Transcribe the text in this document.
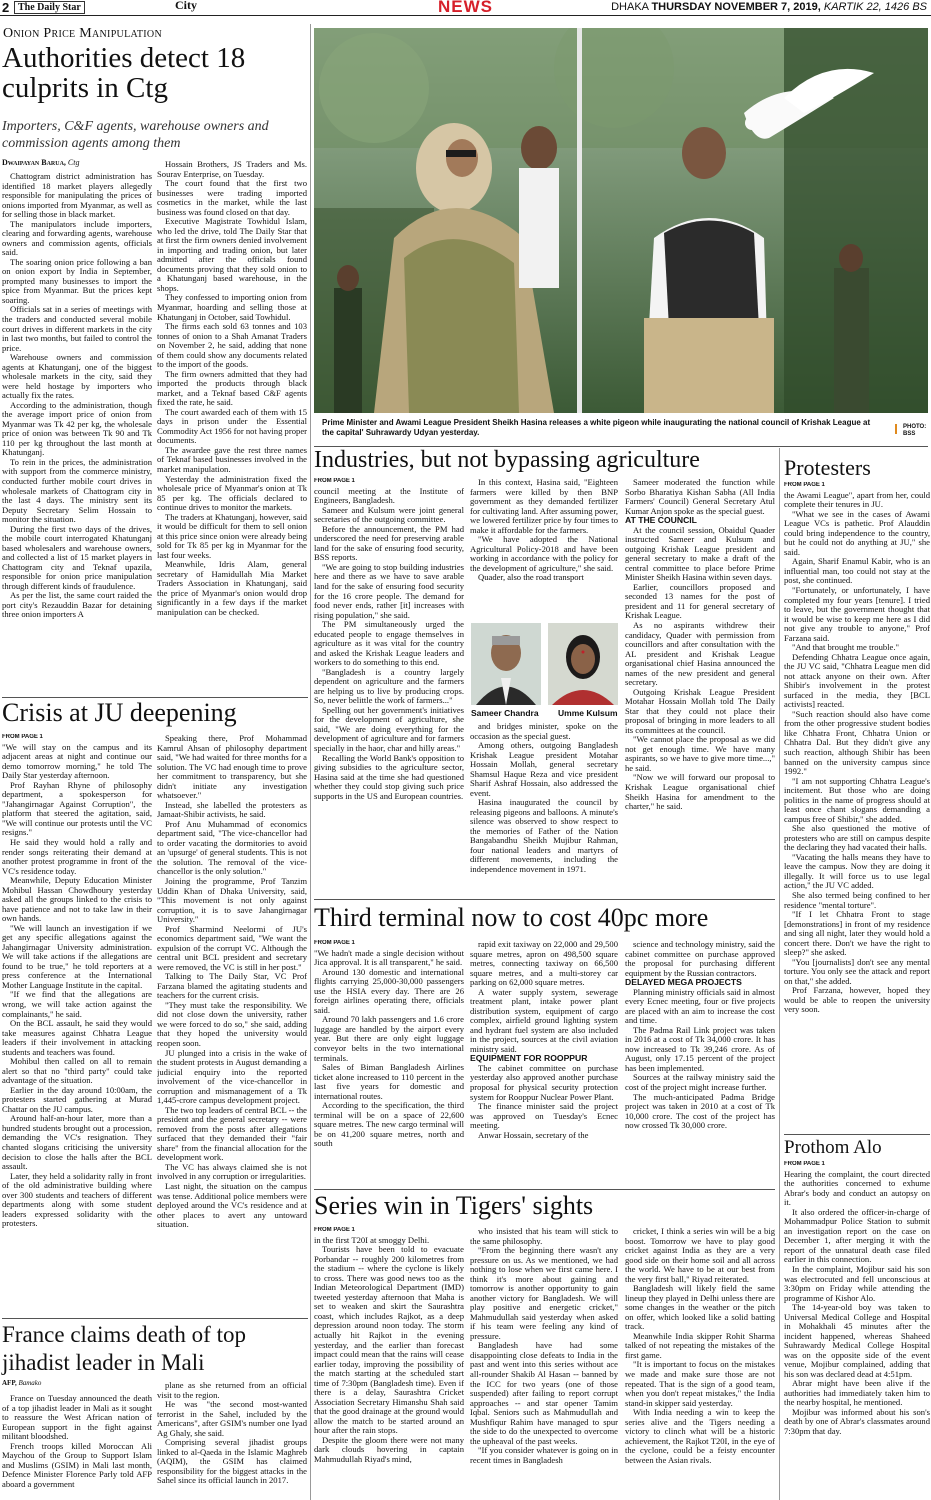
2 The Daily Star	City	NEWS	DHAKA THURSDAY NOVEMBER 7, 2019, KARTIK 22, 1426 BS
Onion Price Manipulation
Authorities detect 18 culprits in Ctg
Importers, C&F agents, warehouse owners and commission agents among them
Dwaipayan Barua, Ctg

Chattogram district administration has identified 18 market players allegedly responsible for manipulating the prices of onions imported from Myanmar, as well as for selling those in black market.

The manipulators include importers, clearing and forwarding agents, warehouse owners and commission agents, officials said.

The soaring onion price following a ban on onion export by India in September, prompted many businesses to import the spice from Myanmar. But the prices kept soaring.

Officials sat in a series of meetings with the traders and conducted several mobile court drives in different markets in the city in last two months, but failed to control the price.

Warehouse owners and commission agents at Khatunganj, one of the biggest wholesale markets in the city, said they were held hostage by importers who actually fix the rates.

According to the administration, though the average import price of onion from Myanmar was Tk 42 per kg, the wholesale price of onion was between Tk 90 and Tk 110 per kg throughout the last month at Khatunganj.

To rein in the prices, the administration with support from the commerce ministry, conducted further mobile court drives in wholesale markets of Chattogram city in the last 4 days. The ministry sent its Deputy Secretary Selim Hossain to monitor the situation.

During the first two days of the drives, the mobile court interrogated Khatunganj based wholesalers and warehouse owners, and collected a list of 15 market players in Chattogram city and Teknaf upazila, responsible for onion price manipulation through different kinds of fraudulence.

As per the list, the same court raided the port city's Rezauddin Bazar for detaining three onion importers A

Hossain Brothers, JS Traders and Ms. Sourav Enterprise, on Tuesday.

The court found that the first two businesses were trading imported cosmetics in the market, while the last business was found closed on that day.

Executive Magistrate Towhidul Islam, who led the drive, told The Daily Star that at first the firm owners denied involvement in importing and trading onion, but later admitted after the officials found documents proving that they sold onion to a Khatunganj based warehouse, in the shops.

They confessed to importing onion from Myanmar, hoarding and selling those at Khatunganj in October, said Towhidul.

The firms each sold 63 tonnes and 103 tonnes of onion to a Shah Amanat Traders on November 2, he said, adding that none of them could show any documents related to the import of the goods.

The firm owners admitted that they had imported the products through black market, and a Teknaf based C&F agents fixed the rate, he said.

The court awarded each of them with 15 days in prison under the Essential Commodity Act 1956 for not having proper documents.

The awardee gave the rest three names of Teknaf based businesses involved in the market manipulation.

Yesterday the administration fixed the wholesale price of Myanmar's onion at Tk 85 per kg. The officials declared to continue drives to monitor the markets.

The traders at Khatunganj, however, said it would be difficult for them to sell onion at this price since onion were already being sold for Tk 85 per kg in Myanmar for the last four weeks.

Meanwhile, Idris Alam, general secretary of Hamidullah Mia Market Traders Association in Khatunganj, said the price of Myanmar's onion would drop significantly in a few days if the market manipulation can be checked.

Crisis at JU deepening
FROM PAGE 1

"We will stay on the campus and its adjacent areas at night and continue our demo tomorrow morning," he told The Daily Star yesterday afternoon.

Prof Rayhan Rhyne of philosophy department, a spokesperson for "Jahangirnagar Against Corruption", the platform that steered the agitation, said, "We will continue our protests until the VC resigns."

He said they would hold a rally and render songs reiterating their demand at another protest programme in front of the VC's residence today.

Meanwhile, Deputy Education Minister Mohibul Hassan Chowdhoury yesterday asked all the groups linked to the crisis to have patience and not to take law in their own hands.

"We will launch an investigation if we get any specific allegations against the Jahangirnagar University administration. We will take actions if the allegations are found to be true," he told reporters at a press conference at the International Mother Language Institute in the capital.

"If we find that the allegations are wrong, we will take action against the complainants," he said.

On the BCL assault, he said they would take measures against Chhatra League leaders if their involvement in attacking students and teachers was found.

Mohibul then called on all to remain alert so that no "third party" could take advantage of the situation.

Earlier in the day around 10:00am, the protesters started gathering at Murad Chattar on the JU campus.

Around half-an-hour later, more than a hundred students brought out a procession, demanding the VC's resignation. They chanted slogans criticising the university decision to close the halls after the BCL assault.

Later, they held a solidarity rally in front of the old administrative building where over 300 students and teachers of different departments along with some student leaders expressed solidarity with the protesters.

Speaking there, Prof Mohammad Kamrul Ahsan of philosophy department said, "We had waited for three months for a solution. The VC had enough time to prove her commitment to transparency, but she didn't initiate any investigation whatsoever."

Instead, she labelled the protesters as Jamaat-Shibir activists, he said.

Prof Anu Muhammad of economics department said, "The vice-chancellor had to order vacating the dormitories to avoid an 'upsurge' of general students. This is not the solution. The removal of the vice-chancellor is the only solution."

Joining the programme, Prof Tanzim Uddin Khan of Dhaka University, said, "This movement is not only against corruption, it is to save Jahangirnagar University."

Prof Sharmind Neelormi of JU's economics department said, "We want the expulsion of the corrupt VC. Although the central unit BCL president and secretary were removed, the VC is still in her post."

Talking to The Daily Star, VC Prof Farzana blamed the agitating students and teachers for the current crisis.

"They must take the responsibility. We did not close down the university, rather we were forced to do so," she said, adding that they hoped the university would reopen soon.

JU plunged into a crisis in the wake of the student protests in August demanding a judicial enquiry into the reported involvement of the vice-chancellor in corruption and mismanagement of a Tk 1,445-crore campus development project.

The two top leaders of central BCL -- the president and the general secretary -- were removed from the posts after allegations surfaced that they demanded their "fair share" from the financial allocation for the development work.

The VC has always claimed she is not involved in any corruption or irregularities.

Last night, the situation on the campus was tense. Additional police members were deployed around the VC's residence and at other places to avert any untoward situation.

France claims death of top jihadist leader in Mali
AFP, Bamako

France on Tuesday announced the death of a top jihadist leader in Mali as it sought to reassure the West African nation of European support in the fight against militant bloodshed.

French troops killed Moroccan Ali Maychou of the Group to Support Islam and Muslims (GSIM) in Mali last month, Defence Minister Florence Parly told AFP aboard a government

plane as she returned from an official visit to the region.

He was "the second most-wanted terrorist in the Sahel, included by the Americans", after GSIM's number one Iyad Ag Ghaly, she said.

Comprising several jihadist groups linked to al-Qaeda in the Islamic Maghreb (AQIM), the GSIM has claimed responsibility for the biggest attacks in the Sahel since its official launch in 2017.

Prime Minister and Awami League President Sheikh Hasina releases a white pigeon while inaugurating the national council of Krishak League at the capital' Suhrawardy Udyan yesterday.
PHOTO:
BSS
Industries, but not bypassing agriculture
FROM PAGE 1

council meeting at the Institute of Engineers, Bangladesh.

Sameer and Kulsum were joint general secretaries of the outgoing committee.

Before the announcement, the PM had underscored the need for preserving arable land for the sake of ensuring food security, BSS reports.

"We are going to stop building industries here and there as we have to save arable land for the sake of ensuring food security for the 16 crore people. The demand for food never ends, rather [it] increases with rising population," she said.

The PM simultaneously urged the educated people to engage themselves in agriculture as it was vital for the country and asked the Krishak League leaders and workers to do something to this end.

"Bangladesh is a country largely dependent on agriculture and the farmers are helping us to live by producing crops. So, never belittle the work of farmers..."

Spelling out her government's initiatives for the development of agriculture, she said, "We are doing everything for the development of agriculture and for farmers specially in the haor, char and hilly areas."

Recalling the World Bank's opposition to giving subsidies to the agriculture sector, Hasina said at the time she had questioned whether they could stop giving such price supports in the US and European countries.

In this context, Hasina said, "Eighteen farmers were killed by then BNP government as they demanded fertilizer for cultivating land. After assuming power, we lowered fertilizer price by four times to make it affordable for the farmers.

"We have adopted the National Agricultural Policy-2018 and have been working in accordance with the policy for the development of agriculture," she said.

Quader, also the road transport

Sameer Chandra Umme Kulsum

and bridges minister, spoke on the occasion as the special guest.

Among others, outgoing Bangladesh Krishak League president Motahar Hossain Mollah, general secretary Shamsul Haque Reza and vice president Sharif Ashraf Hossain, also addressed the event.

Hasina inaugurated the council by releasing pigeons and balloons. A minute's silence was observed to show respect to the memories of Father of the Nation Bangabandhu Sheikh Mujibur Rahman, four national leaders and martyrs of different movements, including the independence movement in 1971.

Sameer moderated the function while Sorbo Bharatiya Kishan Sabha (All India Farmers' Council) General Secretary Atul Kumar Anjon spoke as the special guest.

AT THE COUNCIL

At the council session, Obaidul Quader instructed Sameer and Kulsum and outgoing Krishak League president and general secretary to make a draft of the central committee to place before Prime Minister Sheikh Hasina within seven days.

Earlier, councillors proposed and seconded 13 names for the post of president and 11 for general secretary of Krishak League.

As no aspirants withdrew their candidacy, Quader with permission from councillors and after consultation with the AL president and Krishak League organisational chief Hasina announced the names of the new president and general secretary.

Outgoing Krishak League President Motahar Hossain Mollah told The Daily Star that they could not place their proposal of bringing in more leaders to all its committees at the council.

"We cannot place the proposal as we did not get enough time. We have many aspirants, so we have to give more time...," he said.

"Now we will forward our proposal to Krishak League organisational chief Sheikh Hasina for amendment to the charter," he said.

Third terminal now to cost 40pc more
FROM PAGE 1

"We hadn't made a single decision without Jica approval. It is all transparent," he said.

Around 130 domestic and international flights carrying 25,000-30,000 passengers use the HSIA every day. There are 26 foreign airlines operating there, officials said.

Around 70 lakh passengers and 1.6 crore luggage are handled by the airport every year. But there are only eight luggage conveyor belts in the two international terminals.

Sales of Biman Bangladesh Airlines ticket alone increased to 110 percent in the last five years for domestic and international routes.

According to the specification, the third terminal will be on a space of 22,600 square metres. The new cargo terminal will be on 41,200 square metres, north and south

rapid exit taxiway on 22,000 and 29,500 square metres, apron on 498,500 square metres, connecting taxiway on 66,500 square metres, and a multi-storey car parking on 62,000 square metres.

A water supply system, sewerage treatment plant, intake power plant distribution system, equipment of cargo complex, airfield ground lighting system and hydrant fuel system are also included in the project, sources at the civil aviation ministry said.

EQUIPMENT FOR ROOPPUR

The cabinet committee on purchase yesterday also approved another purchase proposal for physical security protection system for Rooppur Nuclear Power Plant.

The finance minister said the project was approved on Tuesday's Ecnec meeting.

Anwar Hossain, secretary of the

science and technology ministry, said the cabinet committee on purchase approved the proposal for purchasing different equipment by the Russian contractors.

DELAYED MEGA PROJECTS

Planning ministry officials said in almost every Ecnec meeting, four or five projects are placed with an aim to increase the cost and time.

The Padma Rail Link project was taken in 2016 at a cost of Tk 34,000 crore. It has now increased to Tk 39,246 crore. As of August, only 17.15 percent of the project has been implemented.

Sources at the railway ministry said the cost of the project might increase further.

The much-anticipated Padma Bridge project was taken in 2010 at a cost of Tk 10,000 crore. The cost of the project has now crossed Tk 30,000 crore.

Series win in Tigers' sights
FROM PAGE 1

in the first T20I at smoggy Delhi.

Tourists have been told to evacuate Porbandar -- roughly 200 kilometres from the stadium -- where the cyclone is likely to cross. There was good news too as the Indian Meteorological Department (IMD) tweeted yesterday afternoon that Maha is set to weaken and skirt the Saurashtra coast, which includes Rajkot, as a deep depression around noon today. The storm actually hit Rajkot in the evening yesterday, and the earlier than forecast impact could mean that the rains will cease earlier today, improving the possibility of the match starting at the scheduled start time of 7:30pm (Bangladesh time). Even if there is a delay, Saurashtra Cricket Association Secretary Himanshu Shah said that the good drainage at the ground would allow the match to be started around an hour after the rain stops.

Despite the gloom there were not many dark clouds hovering in captain Mahmudullah Riyad's mind,

who insisted that his team will stick to the same philosophy.

"From the beginning there wasn't any pressure on us. As we mentioned, we had nothing to lose when we first came here. I think it's more about gaining and tomorrow is another opportunity to gain another victory for Bangladesh. We will play positive and energetic cricket," Mahmudullah said yesterday when asked if his team were feeling any kind of pressure.

Bangladesh have had some disappointing close defeats to India in the past and went into this series without ace all-rounder Shakib Al Hasan -- banned by the ICC for two years (one of those suspended) after failing to report corrupt approaches -- and star opener Tamim Iqbal. Seniors such as Mahmudullah and Mushfiqur Rahim have managed to spur the side to do the unexpected to overcome the upheaval of the past weeks.

"If you consider whatever is going on in recent times in Bangladesh

cricket, I think a series win will be a big boost. Tomorrow we have to play good cricket against India as they are a very good side on their home soil and all across the world. We have to be at our best from the very first ball," Riyad reiterated.

Bangladesh will likely field the same lineup they played in Delhi unless there are some changes in the weather or the pitch on offer, which looked like a solid batting track.

Meanwhile India skipper Rohit Sharma talked of not repeating the mistakes of the first game.

"It is important to focus on the mistakes we made and make sure those are not repeated. That is the sign of a good team, when you don't repeat mistakes," the India stand-in skipper said yesterday.

With India needing a win to keep the series alive and the Tigers needing a victory to clinch what will be a historic achievement, the Rajkot T20I, in the eye of the cyclone, could be a feisty encounter between the Asian rivals.

Protesters
FROM PAGE 1

the Awami League", apart from her, could complete their tenures in JU.

"What we see in the cases of Awami League VCs is pathetic. Prof Alauddin could bring independence to the country, but he could not do anything at JU," she said.

Again, Sharif Enamul Kabir, who is an influential man, too could not stay at the post, she continued.

"Fortunately, or unfortunately, I have completed my four years [tenure]. I tried to leave, but the government thought that it would be wise to keep me here as I did not give any trouble to anyone," Prof Farzana said.

"And that brought me trouble."

Defending Chhatra League once again, the JU VC said, "Chhatra League men did not attack anyone on their own. After Shibir's involvement in the protest surfaced in the media, they [BCL activists] reacted.

"Such reaction should also have come from the other progressive student bodies like Chhatra Front, Chhatra Union or Chhatra Dal. But they didn't give any such reaction, although Shibir has been banned on the university campus since 1992."

"I am not supporting Chhatra League's incitement. But those who are doing politics in the name of progress should at least once chant slogans demanding a campus free of Shibir," she added.

She also questioned the motive of protesters who are still on campus despite the declaring they had vacated their halls.

"Vacating the halls means they have to leave the campus. Now they are doing it illegally. It will force us to use legal action," the JU VC added.

She also termed being confined to her residence "mental torture".

"If I let Chhatra Front to stage [demonstrations] in front of my residence and sing all night, later they would hold a concert there. Don't we have the right to sleep?" she asked.

"You [journalists] don't see any mental torture. You only see the attack and report on that," she added.

Prof Farzana, however, hoped they would be able to reopen the university very soon.

Prothom Alo
FROM PAGE 1

Hearing the complaint, the court directed the authorities concerned to exhume Abrar's body and conduct an autopsy on it.

It also ordered the officer-in-charge of Mohammadpur Police Station to submit an investigation report on the case on December 1, after merging it with the report of the unnatural death case filed earlier in this connection.

In the complaint, Mojibur said his son was electrocuted and fell unconscious at 3:30pm on Friday while attending the programme of Kishor Alo.

The 14-year-old boy was taken to Universal Medical College and Hospital in Mohakhali 45 minutes after the incident happened, whereas Shaheed Suhrawardy Medical College Hospital was on the opposite side of the event venue, Mojibur complained, adding that his son was declared dead at 4:51pm.

Abrar might have been alive if the authorities had immediately taken him to the nearby hospital, he mentioned.

Mojibur was informed about his son's death by one of Abrar's classmates around 7:30pm that day.
